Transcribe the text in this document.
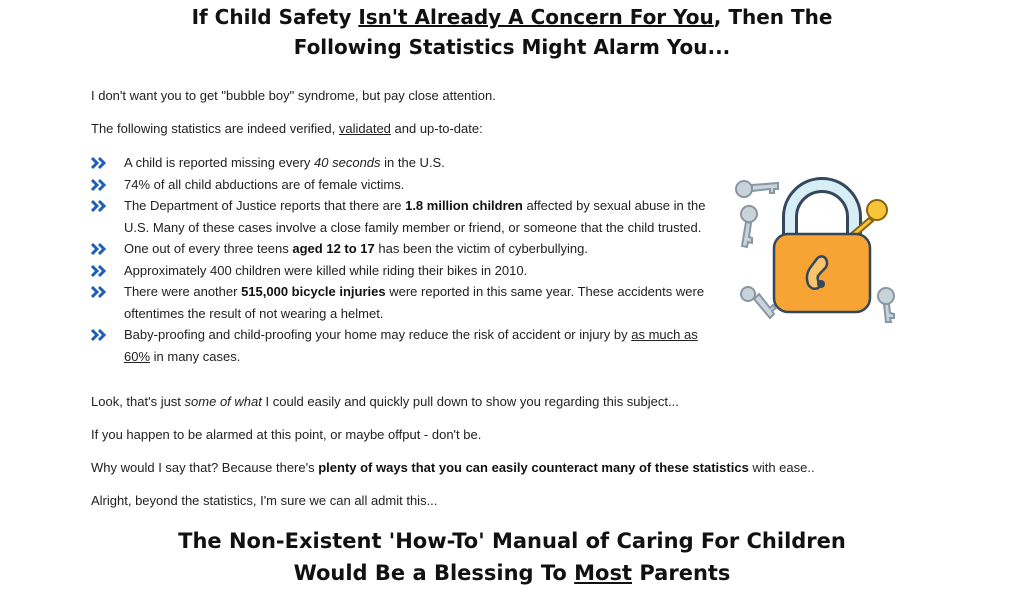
If Child Safety Isn't Already A Concern For You, Then The
Following Statistics Might Alarm You...
I don't want you to get "bubble boy" syndrome, but pay close attention.
The following statistics are indeed verified, validated and up-to-date:
A child is reported missing every 40 seconds in the U.S.
74% of all child abductions are of female victims.
The Department of Justice reports that there are 1.8 million children affected by sexual abuse in the U.S. Many of these cases involve a close family member or friend, or someone that the child trusted.
One out of every three teens aged 12 to 17 has been the victim of cyberbullying.
Approximately 400 children were killed while riding their bikes in 2010.
There were another 515,000 bicycle injuries were reported in this same year. These accidents were oftentimes the result of not wearing a helmet.
Baby-proofing and child-proofing your home may reduce the risk of accident or injury by as much as 60% in many cases.
Look, that's just some of what I could easily and quickly pull down to show you regarding this subject...
If you happen to be alarmed at this point, or maybe offput - don't be.
Why would I say that? Because there's plenty of ways that you can easily counteract many of these statistics with ease..
Alright, beyond the statistics, I'm sure we can all admit this...
The Non-Existent 'How-To' Manual of Caring For Children
Would Be a Blessing To Most Parents
